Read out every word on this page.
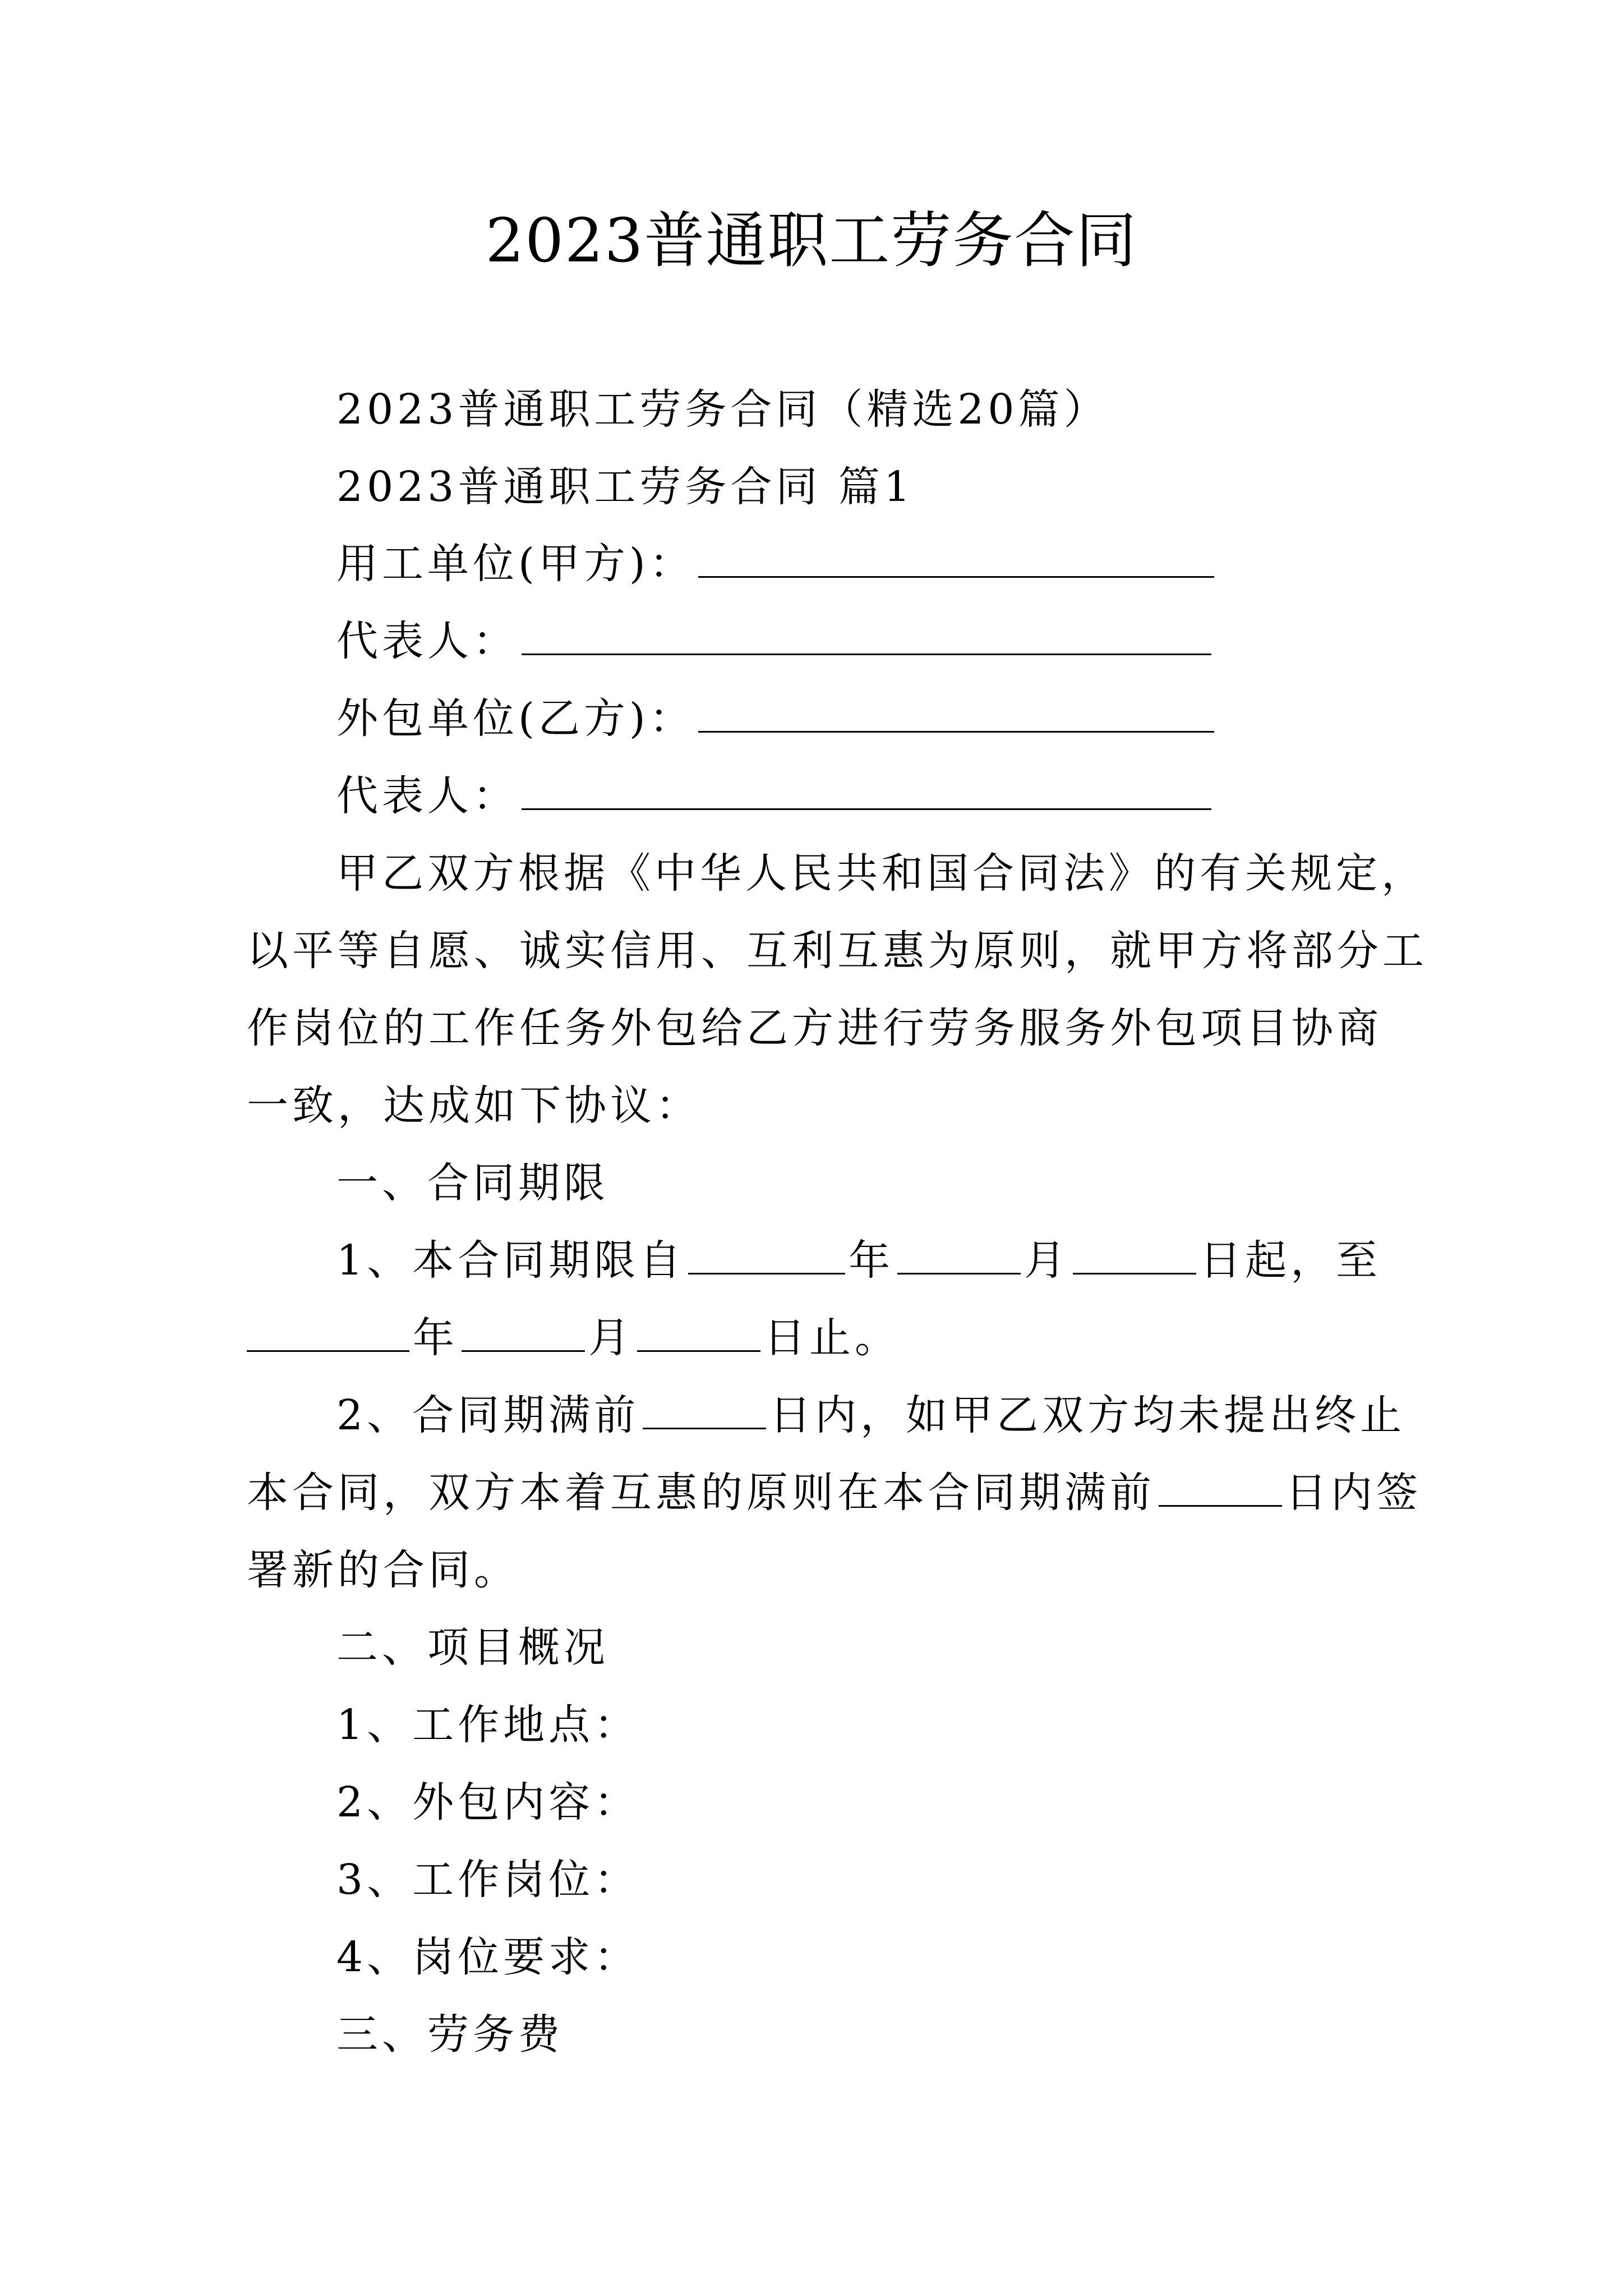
2023普通职工劳务合同
2023普通职工劳务合同（精选20篇）
2023普通职工劳务合同 篇1
用工单位(甲方)：
代表人：
外包单位(乙方)：
代表人：
甲乙双方根据《中华人民共和国合同法》的有关规定，
以平等自愿、诚实信用、互利互惠为原则，就甲方将部分工
作岗位的工作任务外包给乙方进行劳务服务外包项目协商
一致，达成如下协议：
一、合同期限
1、本合同期限自	年	月	日起，至
年	月	日止。
2、合同期满前	日内，如甲乙双方均未提出终止
本合同，双方本着互惠的原则在本合同期满前	日内签
署新的合同。
二、项目概况
1、工作地点：
2、外包内容：
3、工作岗位：
4、岗位要求：
三、劳务费
